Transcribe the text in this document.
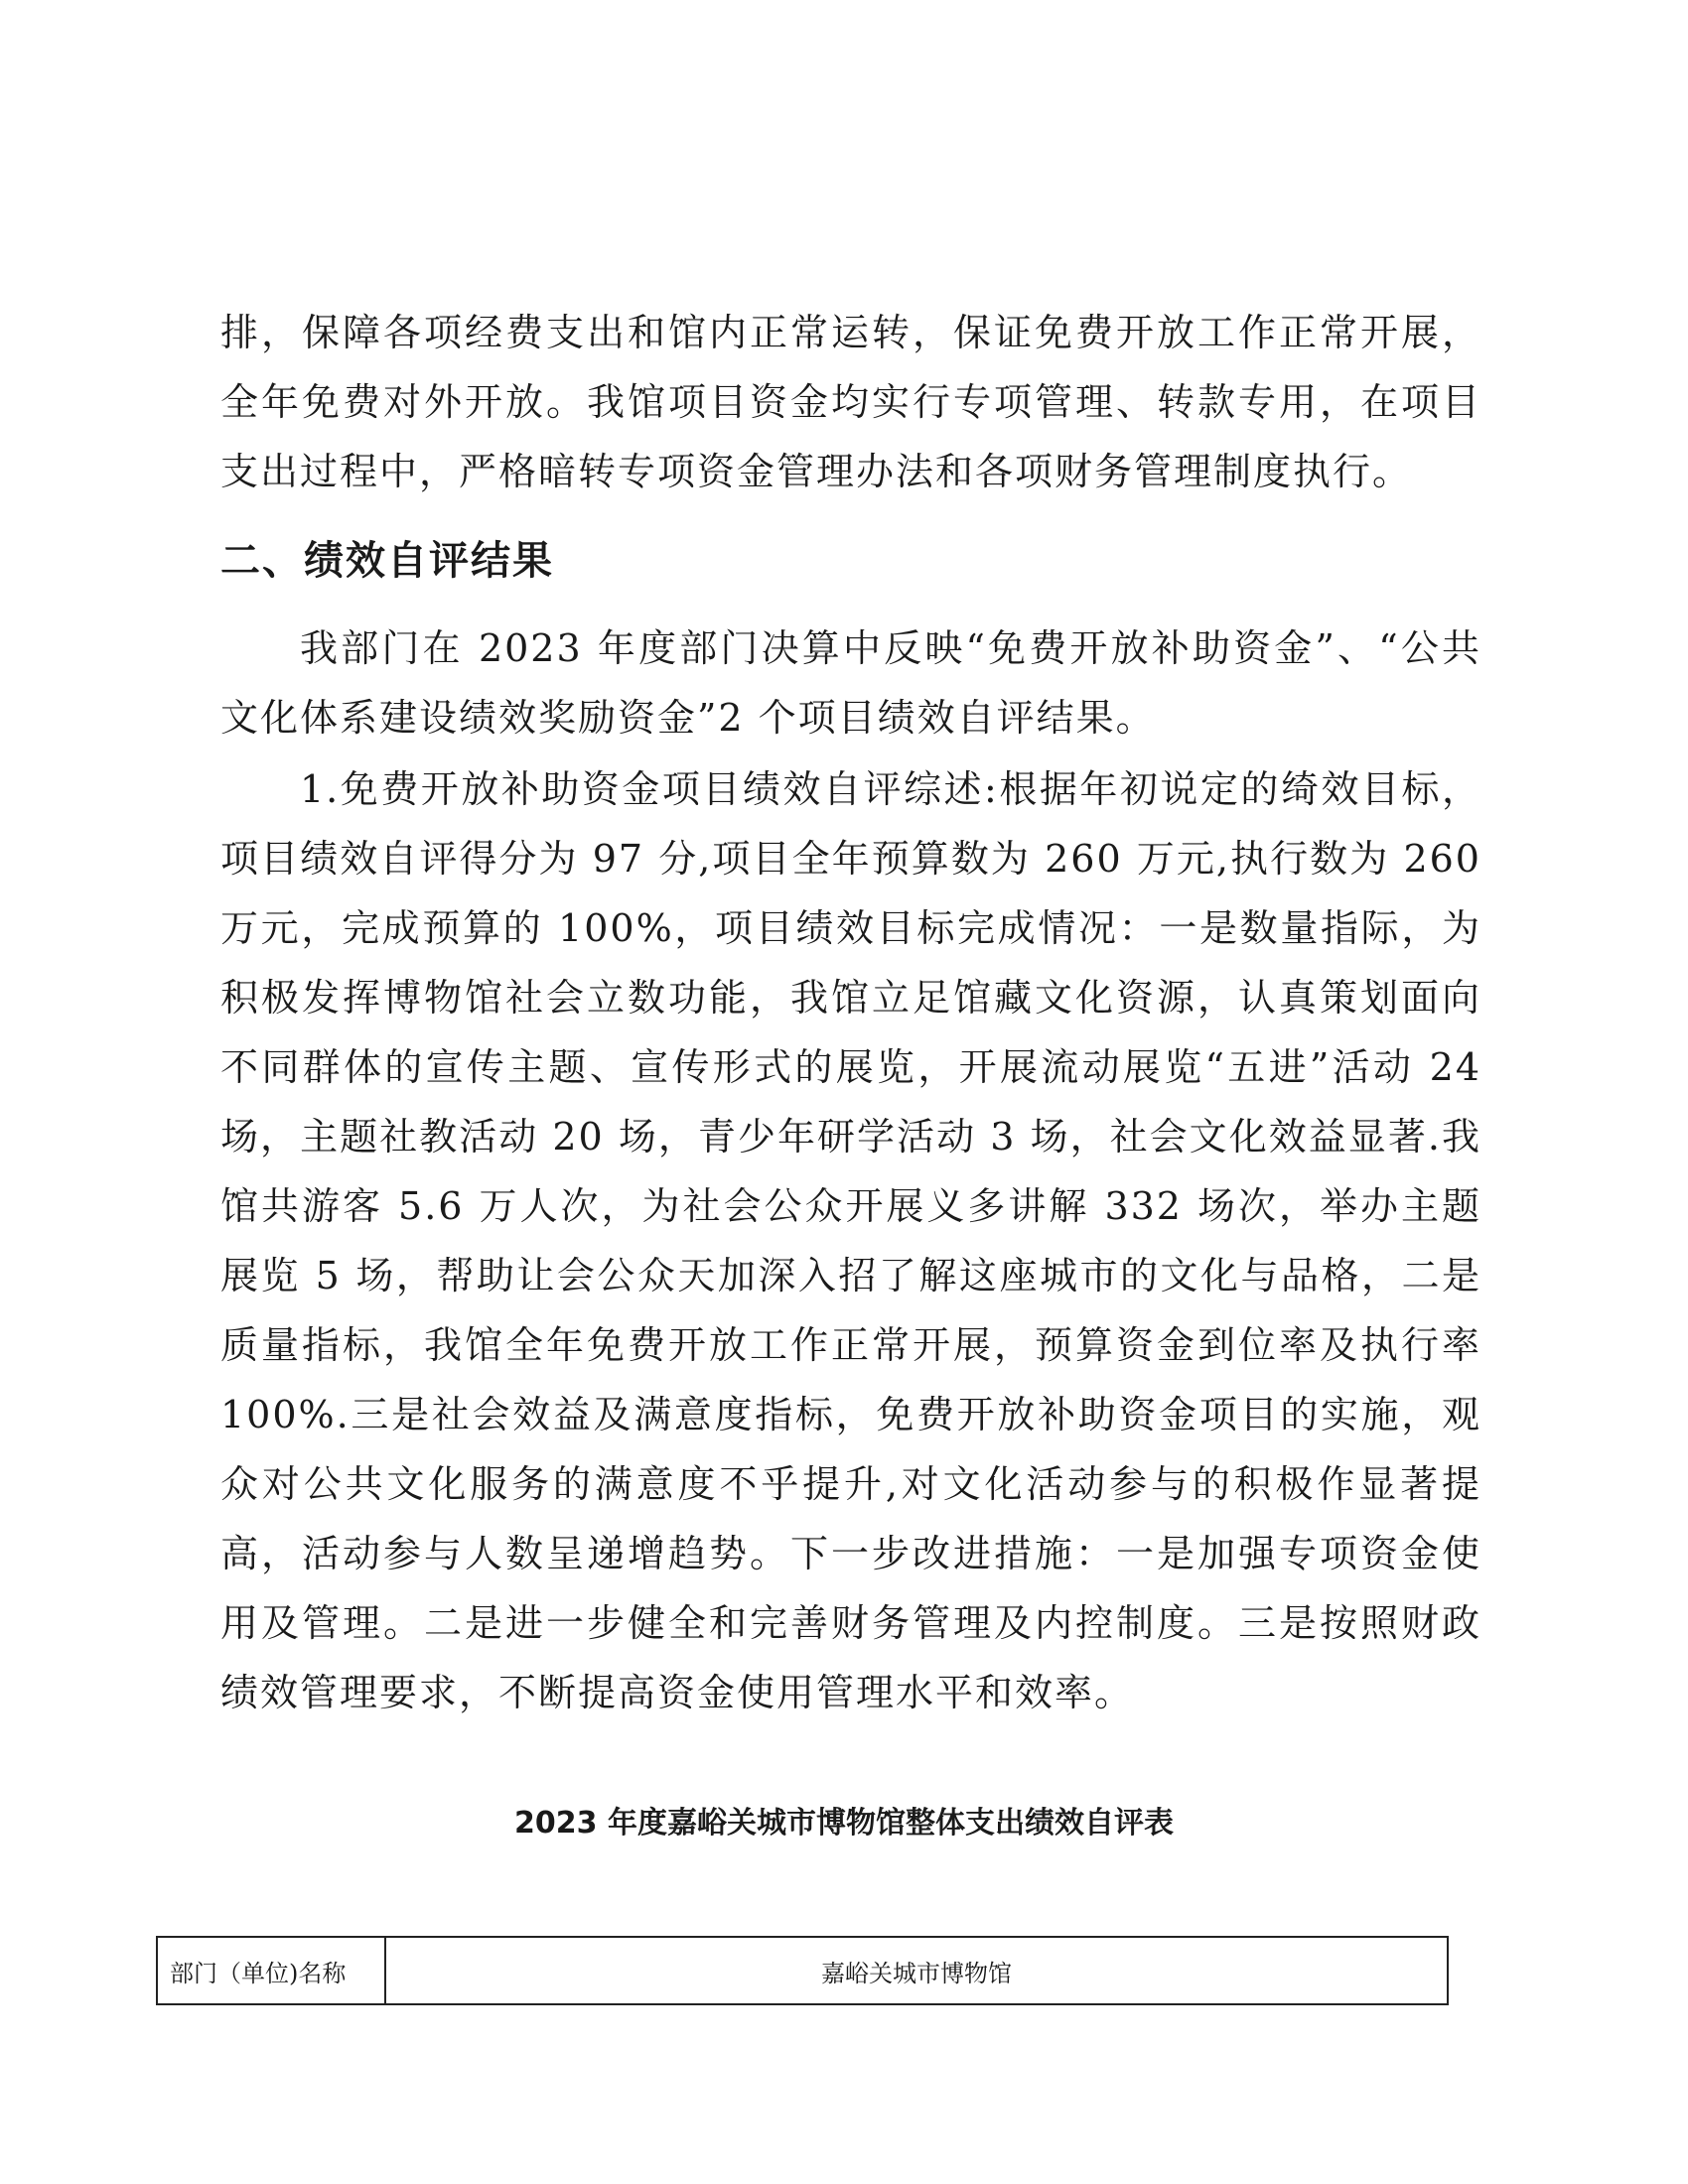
排，保障各项经费支出和馆内正常运转，保证免费开放工作正常开展，全年免费对外开放。我馆项目资金均实行专项管理、转款专用，在项目支出过程中，严格暗转专项资金管理办法和各项财务管理制度执行。

二、绩效自评结果

我部门在 2023 年度部门决算中反映“免费开放补助资金”、“公共文化体系建设绩效奖励资金”2 个项目绩效自评结果。

1.免费开放补助资金项目绩效自评综述:根据年初说定的绮效目标，项目绩效自评得分为 97 分,项目全年预算数为 260 万元,执行数为 260 万元，完成预算的 100%，项目绩效目标完成情况：一是数量指际，为积极发挥博物馆社会立数功能，我馆立足馆藏文化资源，认真策划面向不同群体的宣传主题、宣传形式的展览，开展流动展览“五进”活动 24 场，主题社教活动 20 场，青少年研学活动 3 场，社会文化效益显著.我馆共游客 5.6 万人次，为社会公众开展义多讲解 332 场次，举办主题展览 5 场，帮助让会公众天加深入招了解这座城市的文化与品格，二是质量指标，我馆全年免费开放工作正常开展，预算资金到位率及执行率 100%.三是社会效益及满意度指标，免费开放补助资金项目的实施，观众对公共文化服务的满意度不乎提升,对文化活动参与的积极作显著提高，活动参与人数呈递增趋势。下一步改进措施：一是加强专项资金使用及管理。二是进一步健全和完善财务管理及内控制度。三是按照财政绩效管理要求，不断提高资金使用管理水平和效率。

2023 年度嘉峪关城市博物馆整体支出绩效自评表
部门（单位)名称	嘉峪关城市博物馆
